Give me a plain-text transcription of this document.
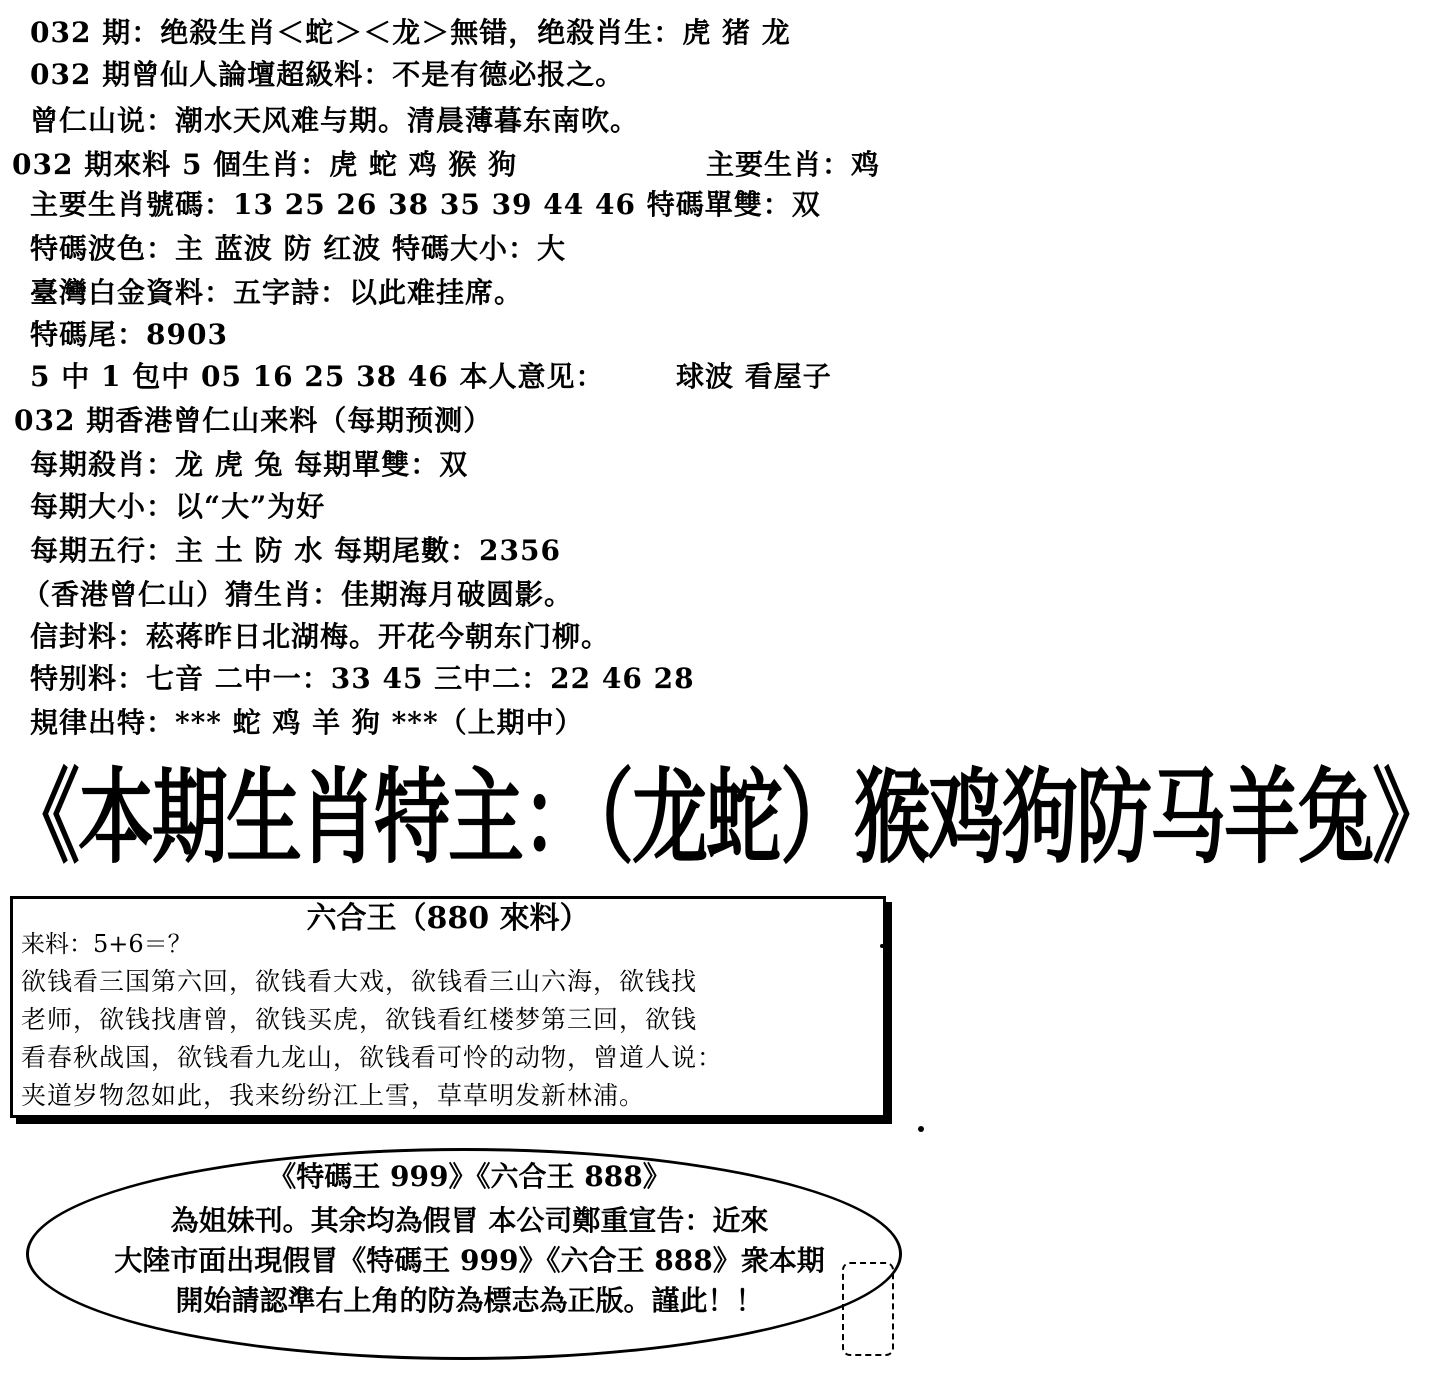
032 期：绝殺生肖＜蛇＞＜龙＞無错，绝殺肖生：虎 猪 龙
032 期曾仙人論壇超級料：不是有德必报之。
曾仁山说：潮水天风难与期。清晨薄暮东南吹。
032 期來料 5 個生肖：虎 蛇 鸡 猴 狗	主要生肖：鸡
主要生肖號碼：13 25 26 38 35 39 44 46 特碼單雙：双
特碼波色：主 蓝波 防 红波 特碼大小：大
臺灣白金資料：五字詩：以此难挂席。
特碼尾：8903
5 中 1 包中 05 16 25 38 46 本人意见：	球波 看屋子
032 期香港曾仁山来料（每期预测）
每期殺肖：龙 虎 兔 每期單雙：双
每期大小：以“大”为好
每期五行：主 土 防 水 每期尾數：2356
（香港曾仁山）猜生肖：佳期海月破圆影。
信封料：菘蒋昨日北湖梅。开花今朝东门柳。
特别料：七音 二中一：33 45 三中二：22 46 28
規律出特：*** 蛇 鸡 羊 狗 ***（上期中）
《本期生肖特主：（龙蛇）猴鸡狗防马羊兔》
六合王（880 來料）
来料：5+6＝？
欲钱看三国第六回，欲钱看大戏，欲钱看三山六海，欲钱找
老师，欲钱找唐曾，欲钱买虎，欲钱看红楼梦第三回，欲钱
看春秋战国，欲钱看九龙山，欲钱看可怜的动物，曾道人说：
夹道岁物忽如此，我来纷纷江上雪，草草明发新林浦。
《特碼王 999》《六合王 888》
為姐妹刊。其余均為假冒 本公司鄭重宣告：近來
大陸市面出現假冒《特碼王 999》《六合王 888》衆本期
開始請認準右上角的防為標志為正版。謹此！！
